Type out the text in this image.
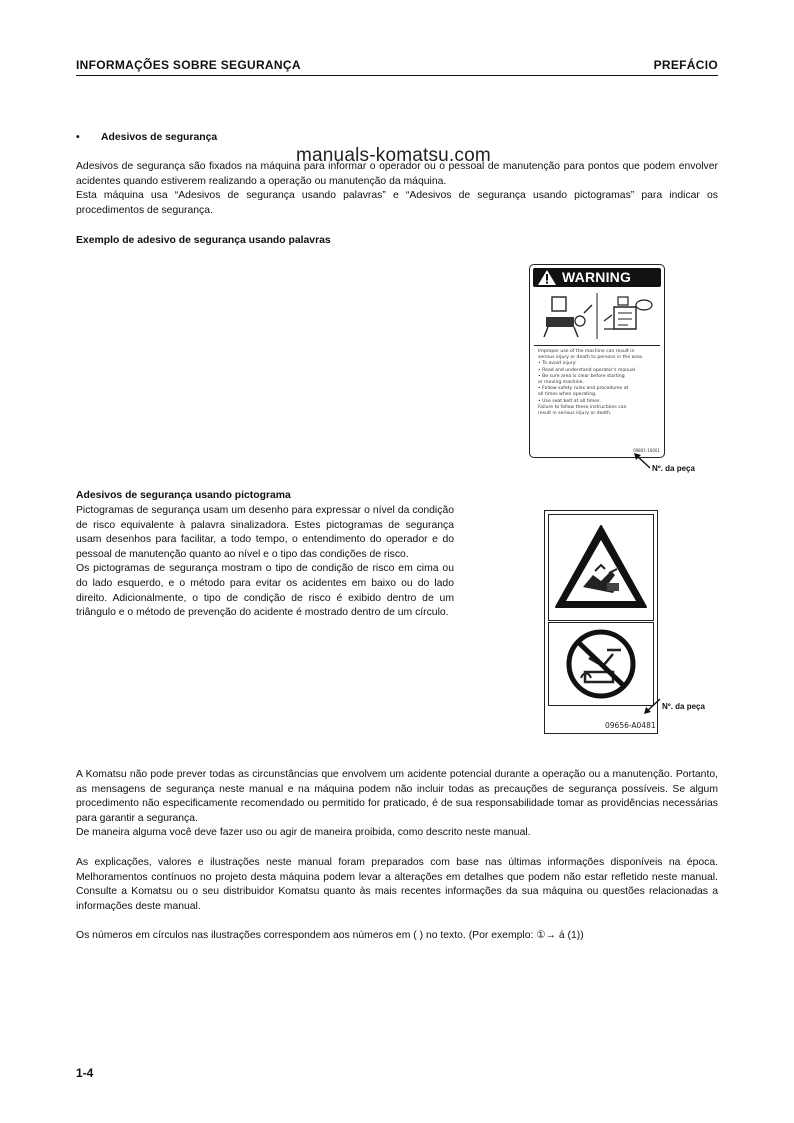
INFORMAÇÕES SOBRE SEGURANÇA	PREFÁCIO
• Adesivos de segurança

Adesivos de segurança são fixados na máquina para informar o operador ou o pessoal de manutenção para pontos que podem envolver acidentes quando estiverem realizando a operação ou manutenção da máquina.

Esta máquina usa “Adesivos de segurança usando palavras” e “Adesivos de segurança usando pictogramas” para indicar os procedimentos de segurança.

manuals-komatsu.com
Exemplo de adesivo de segurança usando palavras
WARNING
Improper use of the machine can result in
serious injury or death to persons in the area.
• To avoid injury:
• Read and understand operator's manual
• Be sure area is clear before starting
or moving machine.
• Follow safety rules and procedures at
all times when operating.
• Use seat belt at all times.
Failure to follow these instructions can
result in serious injury or death.
09801-10001
Nº. da peça
Adesivos de segurança usando pictograma

Pictogramas de segurança usam um desenho para expressar o nível da condição de risco equivalente à palavra sinalizadora. Estes pictogramas de segurança usam desenhos para facilitar, a todo tempo, o entendimento do operador e do pessoal de manutenção quanto ao nível e o tipo das condições de risco.

Os pictogramas de segurança mostram o tipo de condição de risco em cima ou do lado esquerdo, e o método para evitar os acidentes em baixo ou do lado direito. Adicionalmente, o tipo de condição de risco é exibido dentro de um triângulo e o método de prevenção do acidente é mostrado dentro de um círculo.

09656-A0481
Nº. da peça

A Komatsu não pode prever todas as circunstâncias que envolvem um acidente potencial durante a operação ou a manutenção. Portanto, as mensagens de segurança neste manual e na máquina podem não incluir todas as precauções de segurança possíveis. Se algum procedimento não especificamente recomendado ou permitido for praticado, é de sua responsabilidade tomar as providências necessárias para garantir a segurança.

De maneira alguma você deve fazer uso ou agir de maneira proibida, como descrito neste manual.

As explicações, valores e ilustrações neste manual foram preparados com base nas últimas informações disponíveis na época. Melhoramentos contínuos no projeto desta máquina podem levar a alterações em detalhes que podem não estar refletido neste manual. Consulte a Komatsu ou o seu distribuidor Komatsu quanto às mais recentes informações da sua máquina ou questões relacionadas a informações deste manual.

Os números em círculos nas ilustrações correspondem aos números em ( ) no texto. (Por exemplo: ①→ á (1))

1-4
